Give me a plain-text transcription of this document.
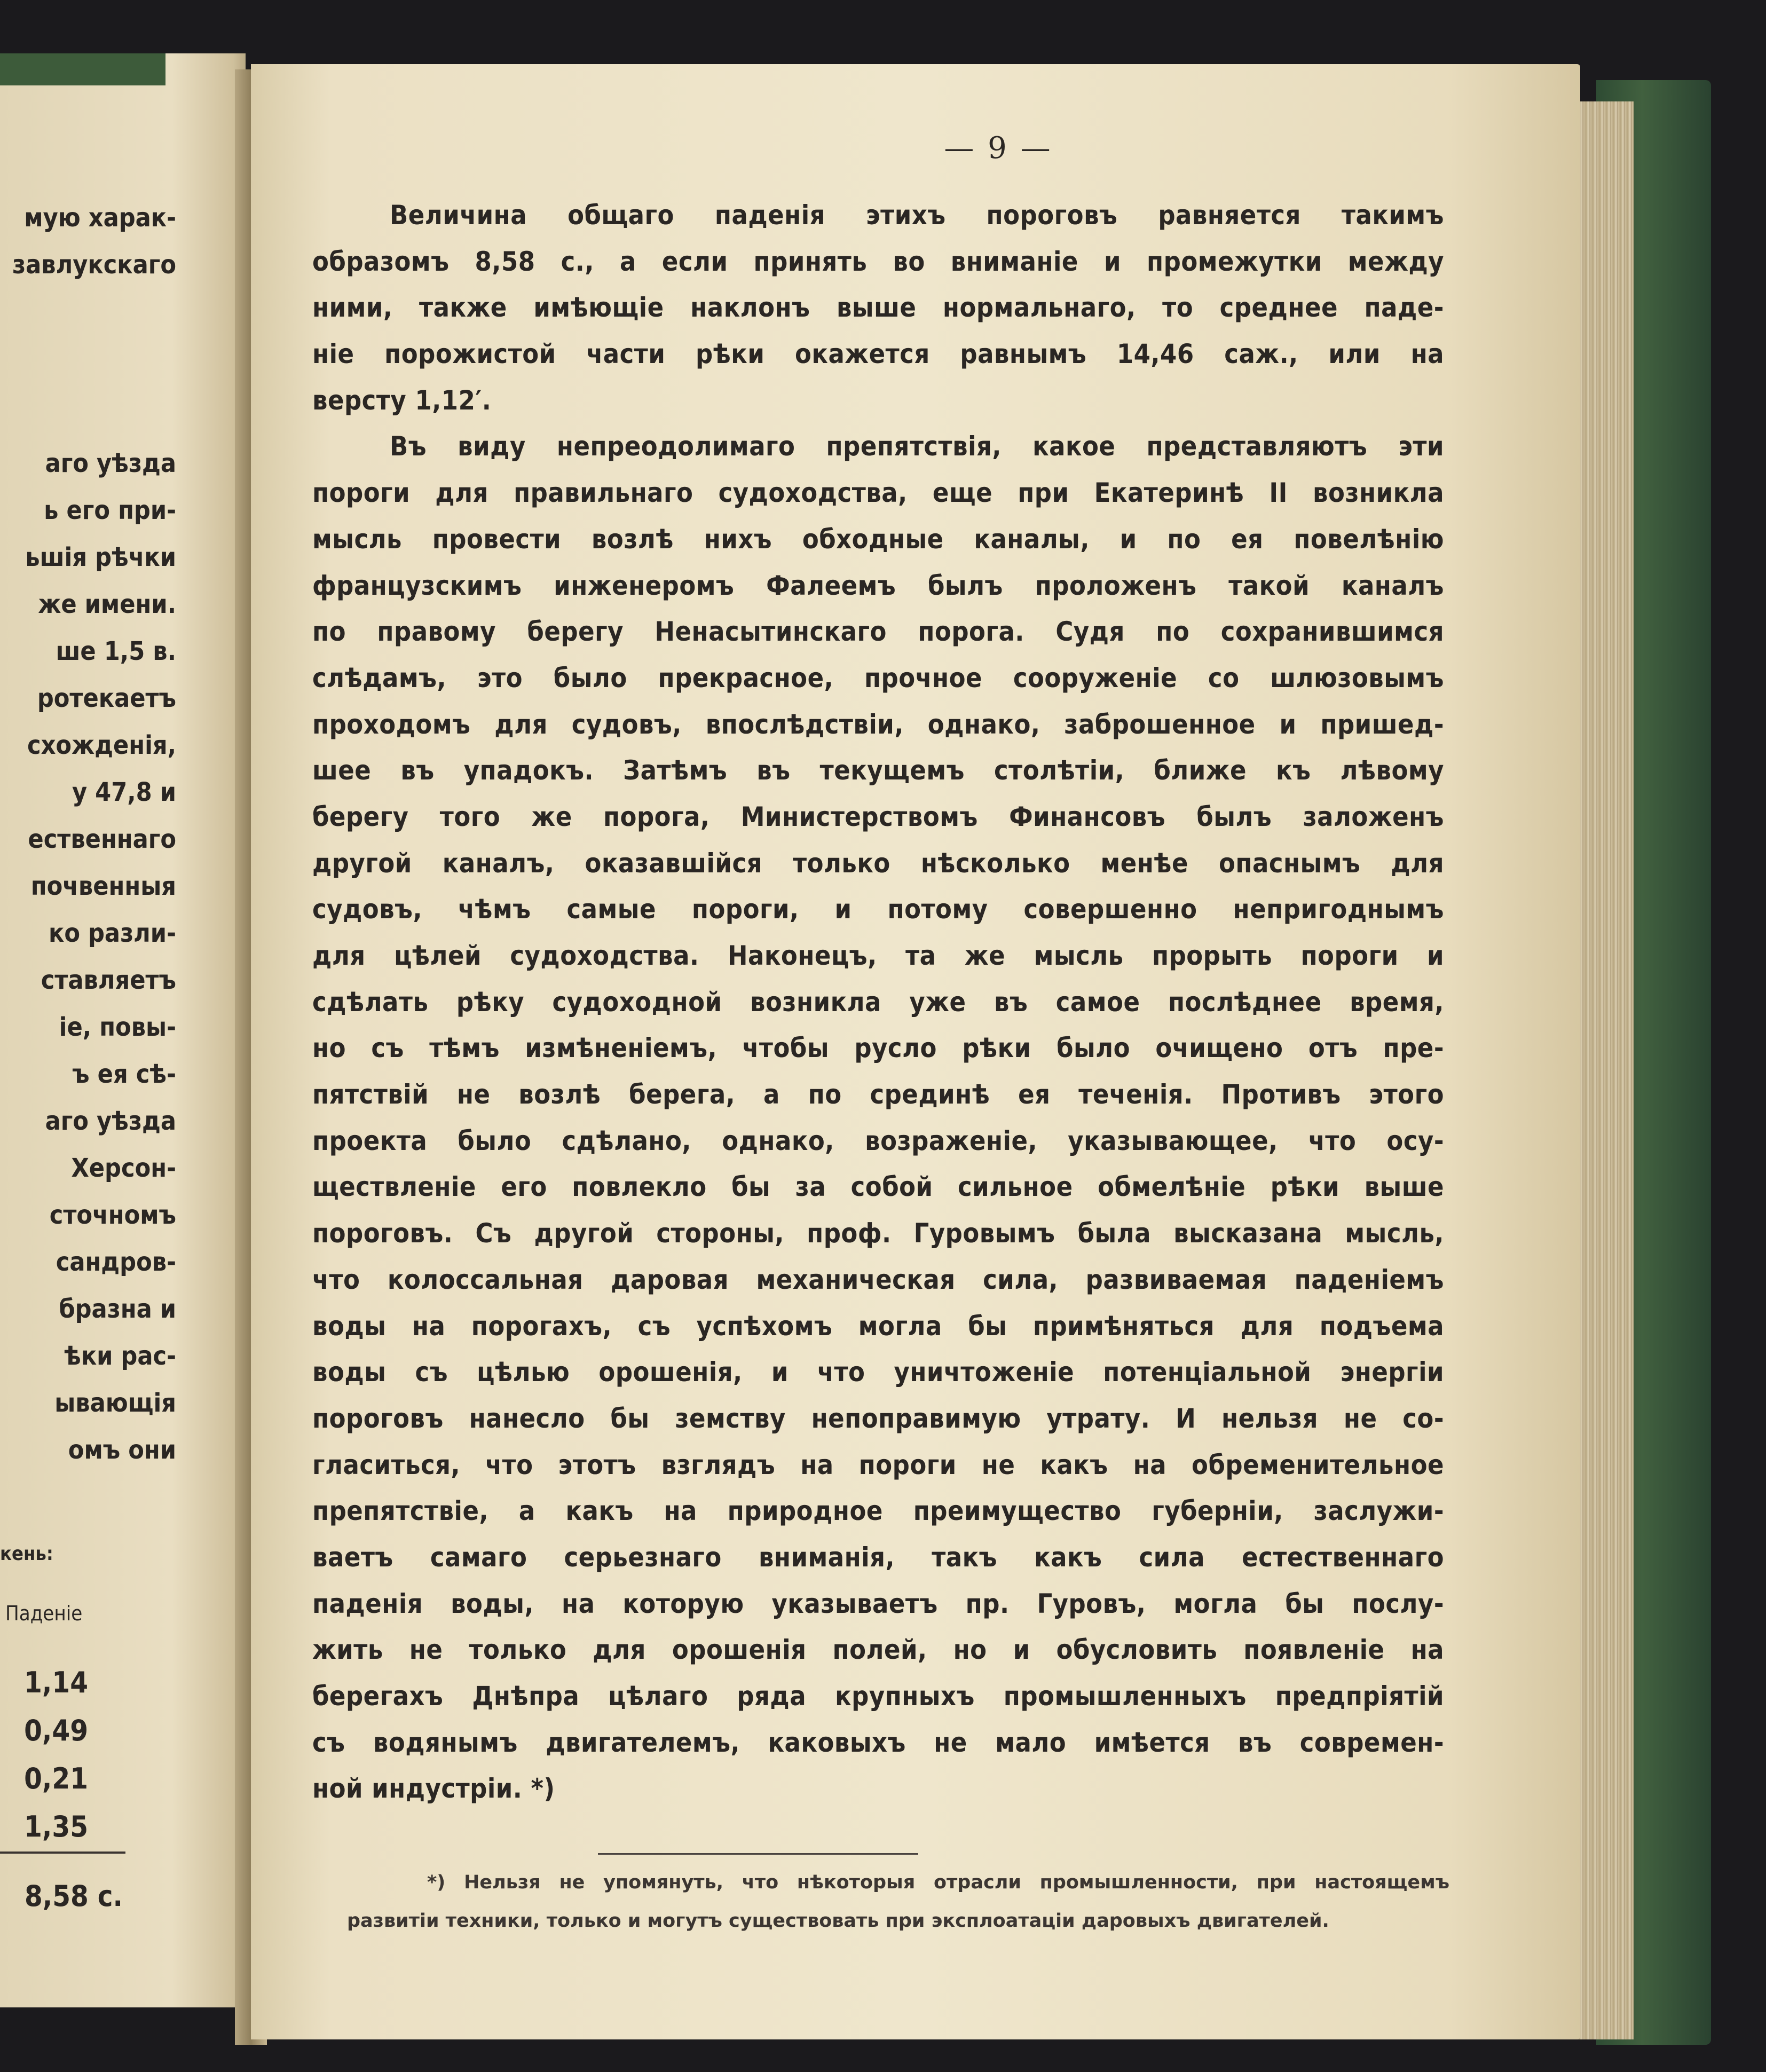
мую харак-
завлукскаго
аго уѣзда
ь его при-
ьшія рѣчки
же имени.
ше 1,5 в.
ротекаетъ
схожденія,
у 47,8 и
ественнаго
почвенныя
ко разли-
ставляетъ
іе, повы-
ъ ея сѣ-
аго уѣзда
Херсон-
сточномъ
сандров-
бразна и
ѣки рас-
ывающія
омъ они
кень:
Паденіе
1,14
0,49
0,21
1,35
8,58 с.
— 9 —
Величина общаго паденія этихъ пороговъ равняется такимъ
образомъ 8,58 с., а если принять во вниманіе и промежутки между
ними, также имѣющіе наклонъ выше нормальнаго, то среднее паде-
ніе порожистой части рѣки окажется равнымъ 14,46 саж., или на
версту 1,12′.
Въ виду непреодолимаго препятствія, какое представляютъ эти
пороги для правильнаго судоходства, еще при Екатеринѣ II возникла
мысль провести возлѣ нихъ обходные каналы, и по ея повелѣнію
французскимъ инженеромъ Фалеемъ былъ проложенъ такой каналъ
по правому берегу Ненасытинскаго порога. Судя по сохранившимся
слѣдамъ, это было прекрасное, прочное сооруженіе со шлюзовымъ
проходомъ для судовъ, впослѣдствіи, однако, заброшенное и пришед-
шее въ упадокъ. Затѣмъ въ текущемъ столѣтіи, ближе къ лѣвому
берегу того же порога, Министерствомъ Финансовъ былъ заложенъ
другой каналъ, оказавшійся только нѣсколько менѣе опаснымъ для
судовъ, чѣмъ самые пороги, и потому совершенно непригоднымъ
для цѣлей судоходства. Наконецъ, та же мысль прорыть пороги и
сдѣлать рѣку судоходной возникла уже въ самое послѣднее время,
но съ тѣмъ измѣненіемъ, чтобы русло рѣки было очищено отъ пре-
пятствій не возлѣ берега, а по срединѣ ея теченія. Противъ этого
проекта было сдѣлано, однако, возраженіе, указывающее, что осу-
ществленіе его повлекло бы за собой сильное обмелѣніе рѣки выше
пороговъ. Съ другой стороны, проф. Гуровымъ была высказана мысль,
что колоссальная даровая механическая сила, развиваемая паденіемъ
воды на порогахъ, съ успѣхомъ могла бы примѣняться для подъема
воды съ цѣлью орошенія, и что уничтоженіе потенціальной энергіи
пороговъ нанесло бы земству непоправимую утрату. И нельзя не со-
гласиться, что этотъ взглядъ на пороги не какъ на обременительное
препятствіе, а какъ на природное преимущество губерніи, заслужи-
ваетъ самаго серьезнаго вниманія, такъ какъ сила естественнаго
паденія воды, на которую указываетъ пр. Гуровъ, могла бы послу-
жить не только для орошенія полей, но и обусловить появленіе на
берегахъ Днѣпра цѣлаго ряда крупныхъ промышленныхъ предпріятій
съ водянымъ двигателемъ, каковыхъ не мало имѣется въ современ-
ной индустріи. *)
*) Нельзя не упомянуть, что нѣкоторыя отрасли промышленности, при настоящемъ
развитіи техники, только и могутъ существовать при эксплоатаціи даровыхъ двигателей.
